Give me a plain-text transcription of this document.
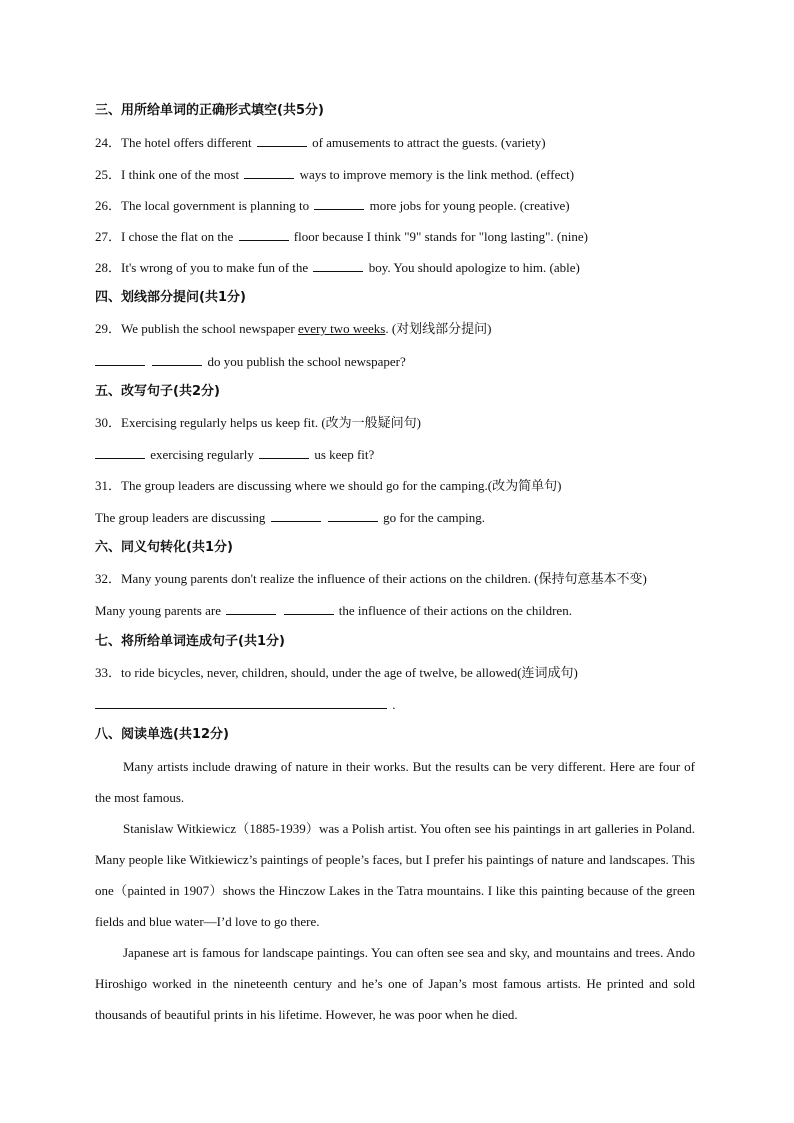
三、用所给单词的正确形式填空(共5分)
24．The hotel offers different	of amusements to attract the guests. (variety)
25．I think one of the most	ways to improve memory is the link method. (effect)
26．The local government is planning to	more jobs for young people. (creative)
27．I chose the flat on the	floor because I think "9" stands for "long lasting". (nine)
28．It's wrong of you to make fun of the	boy. You should apologize to him. (able)
四、划线部分提问(共1分)
29．We publish the school newspaper every two weeks. (对划线部分提问)
do you publish the school newspaper?
五、改写句子(共2分)
30．Exercising regularly helps us keep fit. (改为一般疑问句)
exercising regularly	us keep fit?
31．The group leaders are discussing where we should go for the camping.(改为简单句)
The group leaders are discussing	go for the camping.
六、同义句转化(共1分)
32．Many young parents don't realize the influence of their actions on the children. (保持句意基本不变)
Many young parents are	the influence of their actions on the children.
七、将所给单词连成句子(共1分)
33．to ride bicycles, never, children, should, under the age of twelve, be allowed(连词成句)
.
八、阅读单选(共12分)
Many artists include drawing of nature in their works. But the results can be very different. Here are four of the most famous.
Stanislaw Witkiewicz（1885-1939）was a Polish artist. You often see his paintings in art galleries in Poland. Many people like Witkiewicz’s paintings of people’s faces, but I prefer his paintings of nature and landscapes. This one（painted in 1907）shows the Hinczow Lakes in the Tatra mountains. I like this painting because of the green fields and blue water—I’d love to go there.
Japanese art is famous for landscape paintings. You can often see sea and sky, and mountains and trees. Ando Hiroshigo worked in the nineteenth century and he’s one of Japan’s most famous artists. He printed and sold thousands of beautiful prints in his lifetime. However, he was poor when he died.
